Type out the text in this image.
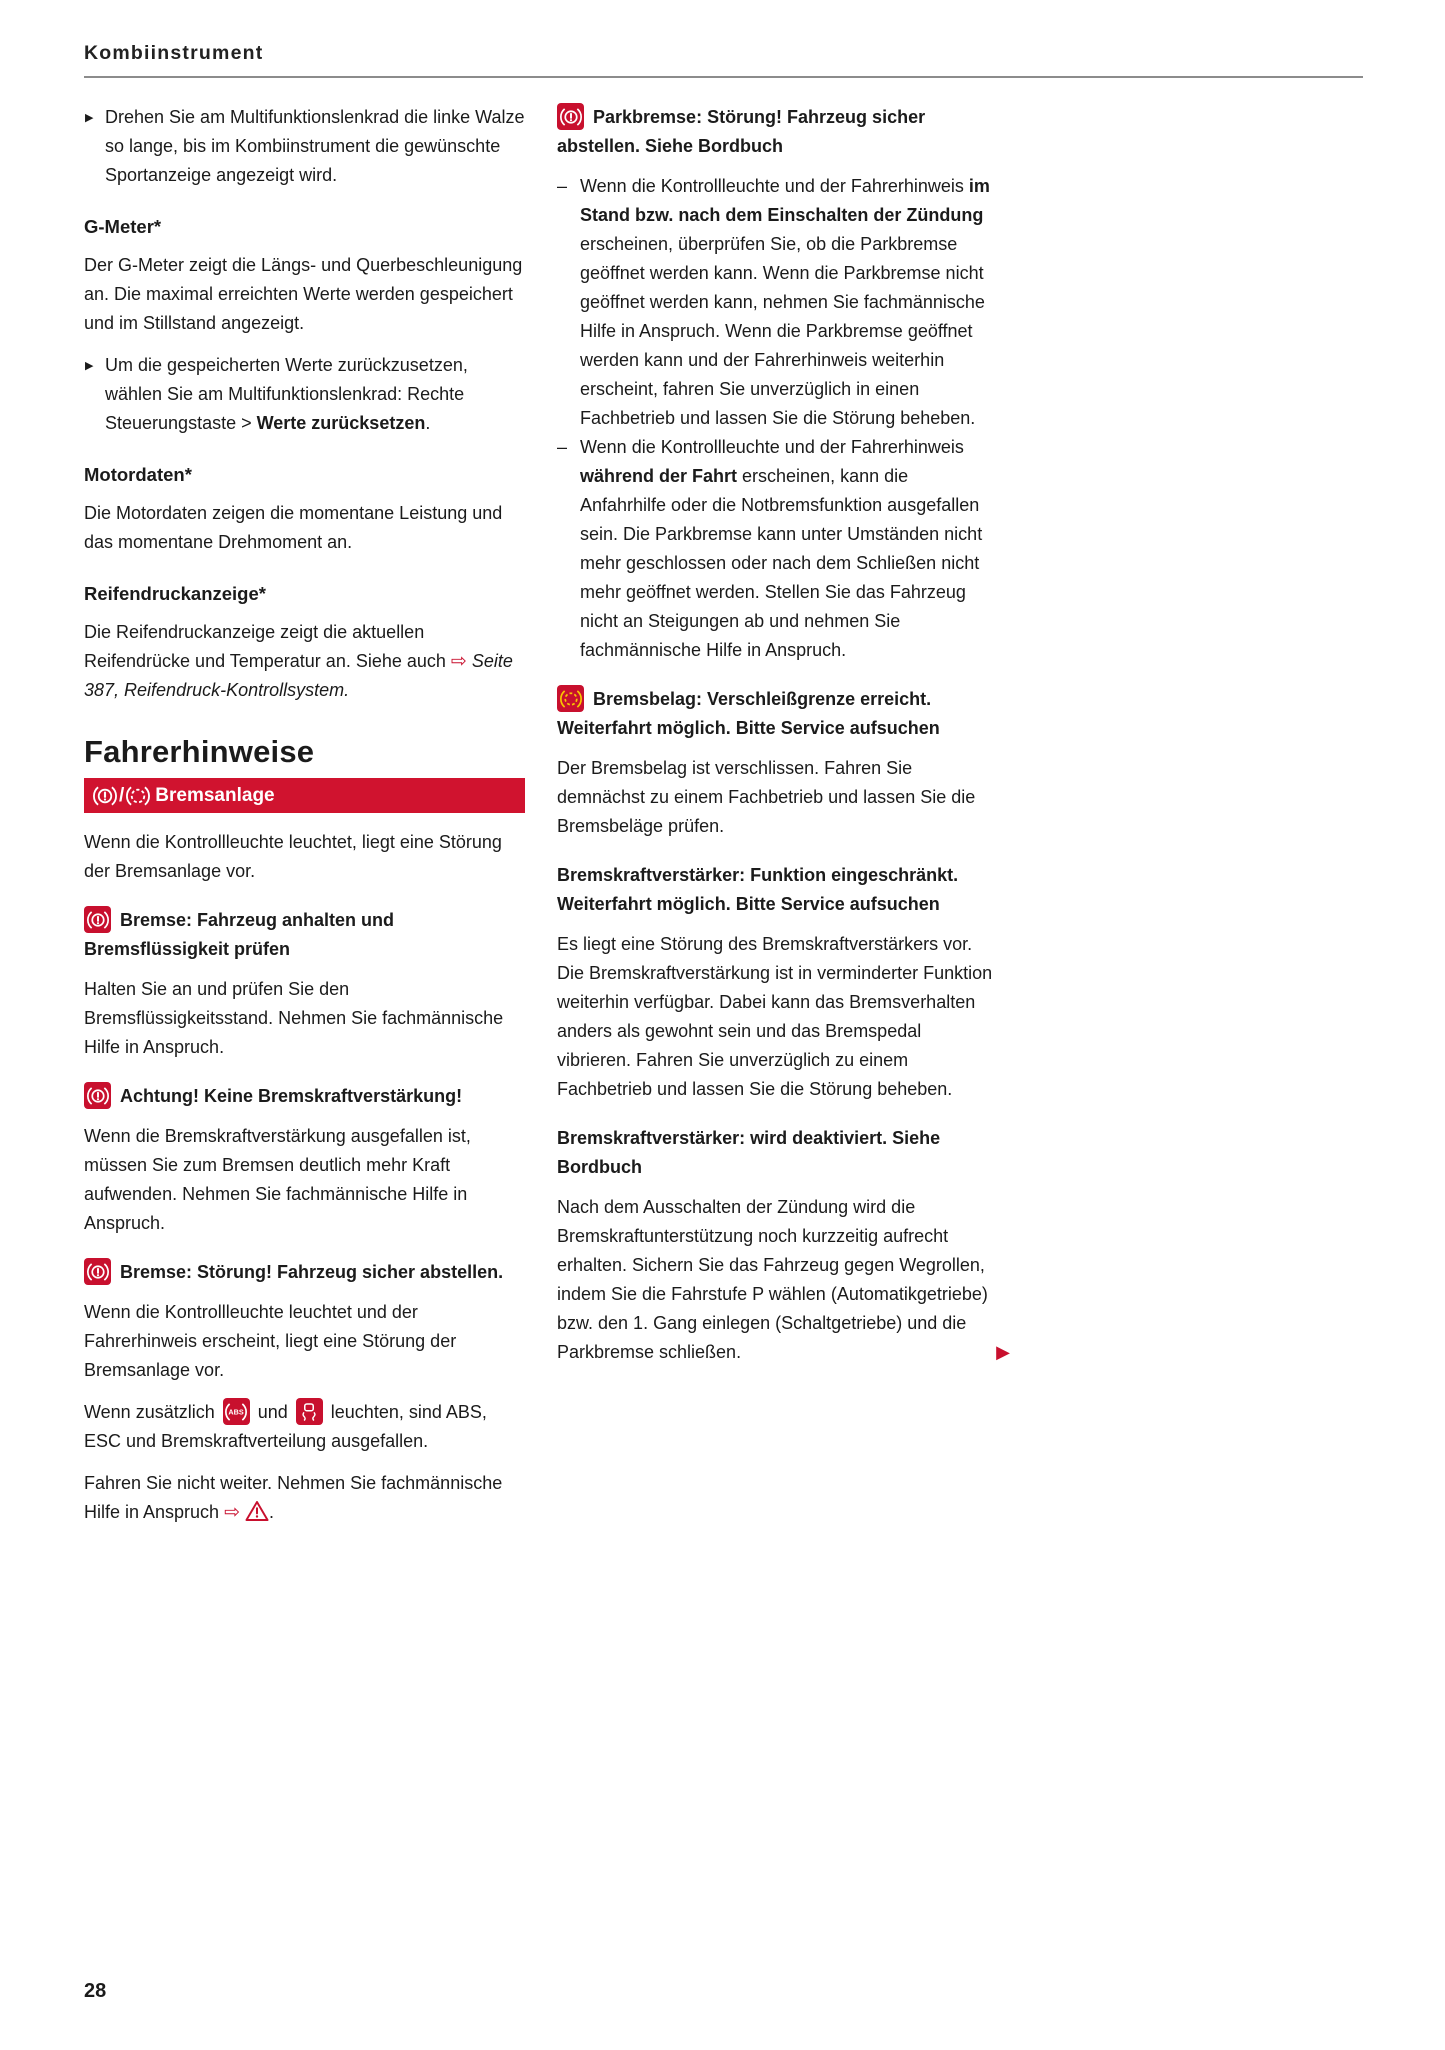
Kombiinstrument
▶ Drehen Sie am Multifunktionslenkrad die linke Walze so lange, bis im Kombiinstrument die gewünschte Sportanzeige angezeigt wird.
G-Meter*
Der G-Meter zeigt die Längs- und Querbeschleunigung an. Die maximal erreichten Werte werden gespeichert und im Stillstand angezeigt.
▶ Um die gespeicherten Werte zurückzusetzen, wählen Sie am Multifunktionslenkrad: Rechte Steuerungstaste > Werte zurücksetzen.
Motordaten*
Die Motordaten zeigen die momentane Leistung und das momentane Drehmoment an.
Reifendruckanzeige*
Die Reifendruckanzeige zeigt die aktuellen Reifendrücke und Temperatur an. Siehe auch ⇨ Seite 387, Reifendruck-Kontrollsystem.
Fahrerhinweise
/ Bremsanlage
Wenn die Kontrollleuchte leuchtet, liegt eine Störung der Bremsanlage vor.
Bremse: Fahrzeug anhalten und Bremsflüssigkeit prüfen
Halten Sie an und prüfen Sie den Bremsflüssigkeitsstand. Nehmen Sie fachmännische Hilfe in Anspruch.
Achtung! Keine Bremskraftverstärkung!
Wenn die Bremskraftverstärkung ausgefallen ist, müssen Sie zum Bremsen deutlich mehr Kraft aufwenden. Nehmen Sie fachmännische Hilfe in Anspruch.
Bremse: Störung! Fahrzeug sicher abstellen.
Wenn die Kontrollleuchte leuchtet und der Fahrerhinweis erscheint, liegt eine Störung der Bremsanlage vor.
Wenn zusätzlich ABS und
leuchten, sind ABS, ESC und Bremskraftverteilung ausgefallen.
Fahren Sie nicht weiter. Nehmen Sie fachmännische Hilfe in Anspruch ⇨ .
Parkbremse: Störung! Fahrzeug sicher abstellen. Siehe Bordbuch
– Wenn die Kontrollleuchte und der Fahrerhinweis im Stand bzw. nach dem Einschalten der Zündung erscheinen, überprüfen Sie, ob die Parkbremse geöffnet werden kann. Wenn die Parkbremse nicht geöffnet werden kann, nehmen Sie fachmännische Hilfe in Anspruch. Wenn die Parkbremse geöffnet werden kann und der Fahrerhinweis weiterhin erscheint, fahren Sie unverzüglich in einen Fachbetrieb und lassen Sie die Störung beheben.
– Wenn die Kontrollleuchte und der Fahrerhinweis während der Fahrt erscheinen, kann die Anfahrhilfe oder die Notbremsfunktion ausgefallen sein. Die Parkbremse kann unter Umständen nicht mehr geschlossen oder nach dem Schließen nicht mehr geöffnet werden. Stellen Sie das Fahrzeug nicht an Steigungen ab und nehmen Sie fachmännische Hilfe in Anspruch.
Bremsbelag: Verschleißgrenze erreicht. Weiterfahrt möglich. Bitte Service aufsuchen
Der Bremsbelag ist verschlissen. Fahren Sie demnächst zu einem Fachbetrieb und lassen Sie die Bremsbeläge prüfen.
Bremskraftverstärker: Funktion eingeschränkt. Weiterfahrt möglich. Bitte Service aufsuchen
Es liegt eine Störung des Bremskraftverstärkers vor. Die Bremskraftverstärkung ist in verminderter Funktion weiterhin verfügbar. Dabei kann das Bremsverhalten anders als gewohnt sein und das Bremspedal vibrieren. Fahren Sie unverzüglich zu einem Fachbetrieb und lassen Sie die Störung beheben.
Bremskraftverstärker: wird deaktiviert. Siehe Bordbuch
Nach dem Ausschalten der Zündung wird die Bremskraftunterstützung noch kurzzeitig aufrecht erhalten. Sichern Sie das Fahrzeug gegen Wegrollen, indem Sie die Fahrstufe P wählen (Automatikgetriebe) bzw. den 1. Gang einlegen (Schaltgetriebe) und die Parkbremse schließen.	▶
28
